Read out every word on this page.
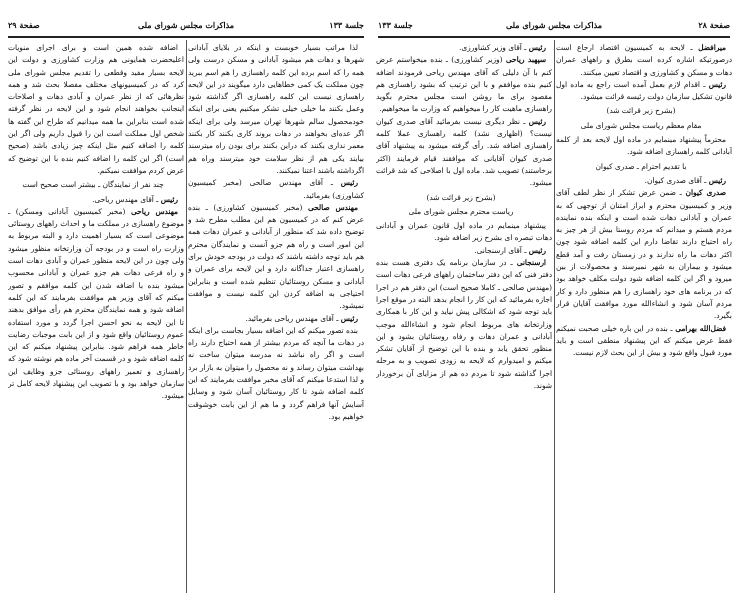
جلسة ۱۳۳
مذاکرات مجلس شورای ملی
صفحة ۲۹

لذا مراتب بسیار خوبست و اینکه در بلایای آبادانی شهرها و دهات هم میشود آبادانی و مسکن درست ولی همه را که اسم برده این کلمه راهسازی را هم اسم ببرید چون مملکت یک کمی خطاهایی دارد میگویند در این لایحه راهسازی نیست این کلمه راهسازی اگر گذاشته شود وعمل بکنند ما خیلی خیلی تشکر میکنیم یعنی برای اینکه خودمحصول سالم شهرها تهران میرسد ولی برای اینکه اگر عده‌ای بخواهند در دهات بروند کاری بکنند کار بکنند معمر نداری بکنند که دراین بکنند برای بودن راه میترسند بیایند یکی هم از نظر سلامت خود میترسند وراه هم اگرداشته باشند اعتنا نمیکنند.

رئیس ـ آقای مهندس صالحی (مخبر کمیسیون کشاورزی) بفرمائید.

مهندس صالحی (مخبر کمیسیون کشاورزی) ـ بنده عرض کنم که در کمیسیون هم این مطلب مطرح شد و توضیح داده شد که منظور از آبادانی و عمران دهات همه این امور است و راه هم جزو آنست و نمایندگان محترم هم باید توجه داشته باشند که دولت در بودجه خودش برای راهسازی اعتبار جداگانه دارد و این لایحه برای عمران و آبادانی و مسکن روستائیان تنظیم شده است و بنابراین احتیاجی به اضافه کردن این کلمه نیست و موافقت نمیشود.

رئیس ـ آقای مهندس ریاحی بفرمائید.

بنده تصور میکنم که این اضافه بسیار بجاست برای اینکه در دهات ما آنچه که مردم بیشتر از همه احتیاج دارند راه است و اگر راه نباشد نه مدرسه میتوان ساخت نه بهداشت میتوان رساند و نه محصول را میتوان به بازار برد و لذا استدعا میکنم که آقای مخبر موافقت بفرمایند که این کلمه اضافه شود تا کار روستائیان آسان شود و وسایل آسایش آنها فراهم گردد و ما هم از این بابت خوشوقت خواهیم بود.

اضافه شده همین است و برای اجرای منویات اعلیحضرت همایونی هم وزارت کشاورزی و دولت این لایحه بسیار مفید وقطعی را تقدیم مجلس شورای ملی کرد که در کمیسیونهای مختلف مفصلا بحث شد و همه نظرهائی که از نظر عمران و آبادی دهات و اصلاحات اینجانب بخواهند انجام شود و این لایحه در نظر گرفته شده است بنابراین ما همه میدانیم که طراح این گفته ها شخص اول مملکت است این را قبول داریم ولی اگر این کلمه را اضافه کنیم مثل اینکه چیز زیادی باشد (صحیح است) اگر این کلمه را اضافه کنیم بنده با این توضیح که عرض کردم موافقت نمیکنم.

چند نفر از نمایندگان ـ بیشتر است صحیح است

رئیس ـ آقای مهندس ریاحی.

مهندس ریاحی (مخبر کمیسیون آبادانی ومسکن) ـ موضوع راهسازی در مملکت ما و احداث راههای روستائی موضوعی است که بسیار اهمیت دارد و البته مربوط به وزارت راه است و در بودجه آن وزارتخانه منظور میشود ولی چون در این لایحه منظور عمران و آبادی دهات است و راه فرعی دهات هم جزو عمران و آبادانی محسوب میشود بنده با اضافه شدن این کلمه موافقم و تصور میکنم که آقای وزیر هم موافقت بفرمایند که این کلمه اضافه شود و همه نمایندگان محترم هم رأی موافق بدهند تا این لایحه به نحو احسن اجرا گردد و مورد استفاده عموم روستائیان واقع شود و از این بابت موجبات رضایت خاطر همه فراهم شود. بنابراین پیشنهاد میکنم که این کلمه اضافه شود و در قسمت آخر ماده هم نوشته شود که راهسازی و تعمیر راههای روستائی جزو وظایف این سازمان خواهد بود و با تصویب این پیشنهاد لایحه کامل تر میشود.

صفحة ۲۸
مذاکرات مجلس شورای ملی
جلسة ۱۳۳

میرافضل ـ لایحه به کمیسیون اقتصاد ارجاع است درصورتیکه اشاره کرده است بطرق و راههای عمران دهات و مسکن و کشاورزی و اقتصاد تعیین میکنند.

رئیس ـ اقدام لازم بعمل آمده است راجع به ماده اول قانون تشکیل سازمان دولت رئیسه قرائت میشود.

(بشرح زیر قرائت شد)

مقام معظم ریاست مجلس شورای ملی

محترماً پیشنهاد مینمایم در ماده اول لایحه بعد از کلمه آبادانی کلمه راهسازی اضافه شود.

با تقدیم احترام ـ صدری کیوان

رئیس ـ آقای صدری کیوان.

صدری کیوان ـ ضمن عرض تشکر از نظر لطف آقای وزیر و کمیسیون محترم و ابراز امتنان از توجهی که به عمران و آبادانی دهات شده است و اینکه بنده نماینده مردم هستم و میدانم که مردم روستا بیش از هر چیز به راه احتیاج دارند تقاضا دارم این کلمه اضافه شود چون اکثر دهات ما راه ندارند و در زمستان رفت و آمد قطع میشود و بیماران به شهر نمیرسند و محصولات از بین میرود و اگر این کلمه اضافه شود دولت مکلف خواهد بود که در برنامه های خود راهسازی را هم منظور دارد و کار مردم آسان شود و انشاءالله مورد موافقت آقایان قرار بگیرد.

فضل‌الله بهرامی ـ بنده در این باره خیلی صحبت نمیکنم فقط عرض میکنم که این پیشنهاد منطقی است و باید مورد قبول واقع شود و بیش از این بحث لازم نیست.

رئیس ـ آقای وزیر کشاورزی.

سپهبد ریاحی (وزیر کشاورزی) ـ بنده میخواستم عرض کنم با آن دلیلی که آقای مهندس ریاحی فرمودند اضافه کنیم بنده موافقم و با این ترتیب که بشود راهسازی هم مقصود برای ما روشن است مجلس محترم بگوید راهسازی ماهیت کار را میخواهیم که وزارت ما میخواهیم.

رئیس ـ نظر دیگری نیست بفرمائید آقای صدری کیوان نیست؟ (اظهاری نشد) کلمه راهسازی عملا کلمه راهسازی اضافه شد. رأی گرفته میشود به پیشنهاد آقای صدری کیوان آقایانی که موافقند قیام فرمایند (اکثر برخاستند) تصویب شد. ماده اول با اصلاحی که شد قرائت میشود.

(بشرح زیر قرائت شد)

ریاست محترم مجلس شورای ملی

پیشنهاد مینمایم در ماده اول قانون عمران و آبادانی دهات تبصره ای بشرح زیر اضافه شود.

رئیس ـ آقای ارسنجانی.

ارسنجانی ـ در سازمان برنامه یک دفتری هست بنده دفتر فنی که این دفتر ساختمان راههای فرعی دهات است (مهندس صالحی ـ کاملا صحیح است) این دفتر هم در اجرا اجازه بفرمائید که این کار را انجام بدهد البته در موقع اجرا باید توجه شود که اشکالی پیش نیاید و این کار با همکاری وزارتخانه های مربوط انجام شود و انشاءالله موجب آبادانی و عمران دهات و رفاه روستائیان بشود و این منظور تحقق یابد و بنده با این توضیح از آقایان تشکر میکنم و امیدوارم که لایحه به زودی تصویب و به مرحله اجرا گذاشته شود تا مردم ده هم از مزایای آن برخوردار شوند.
